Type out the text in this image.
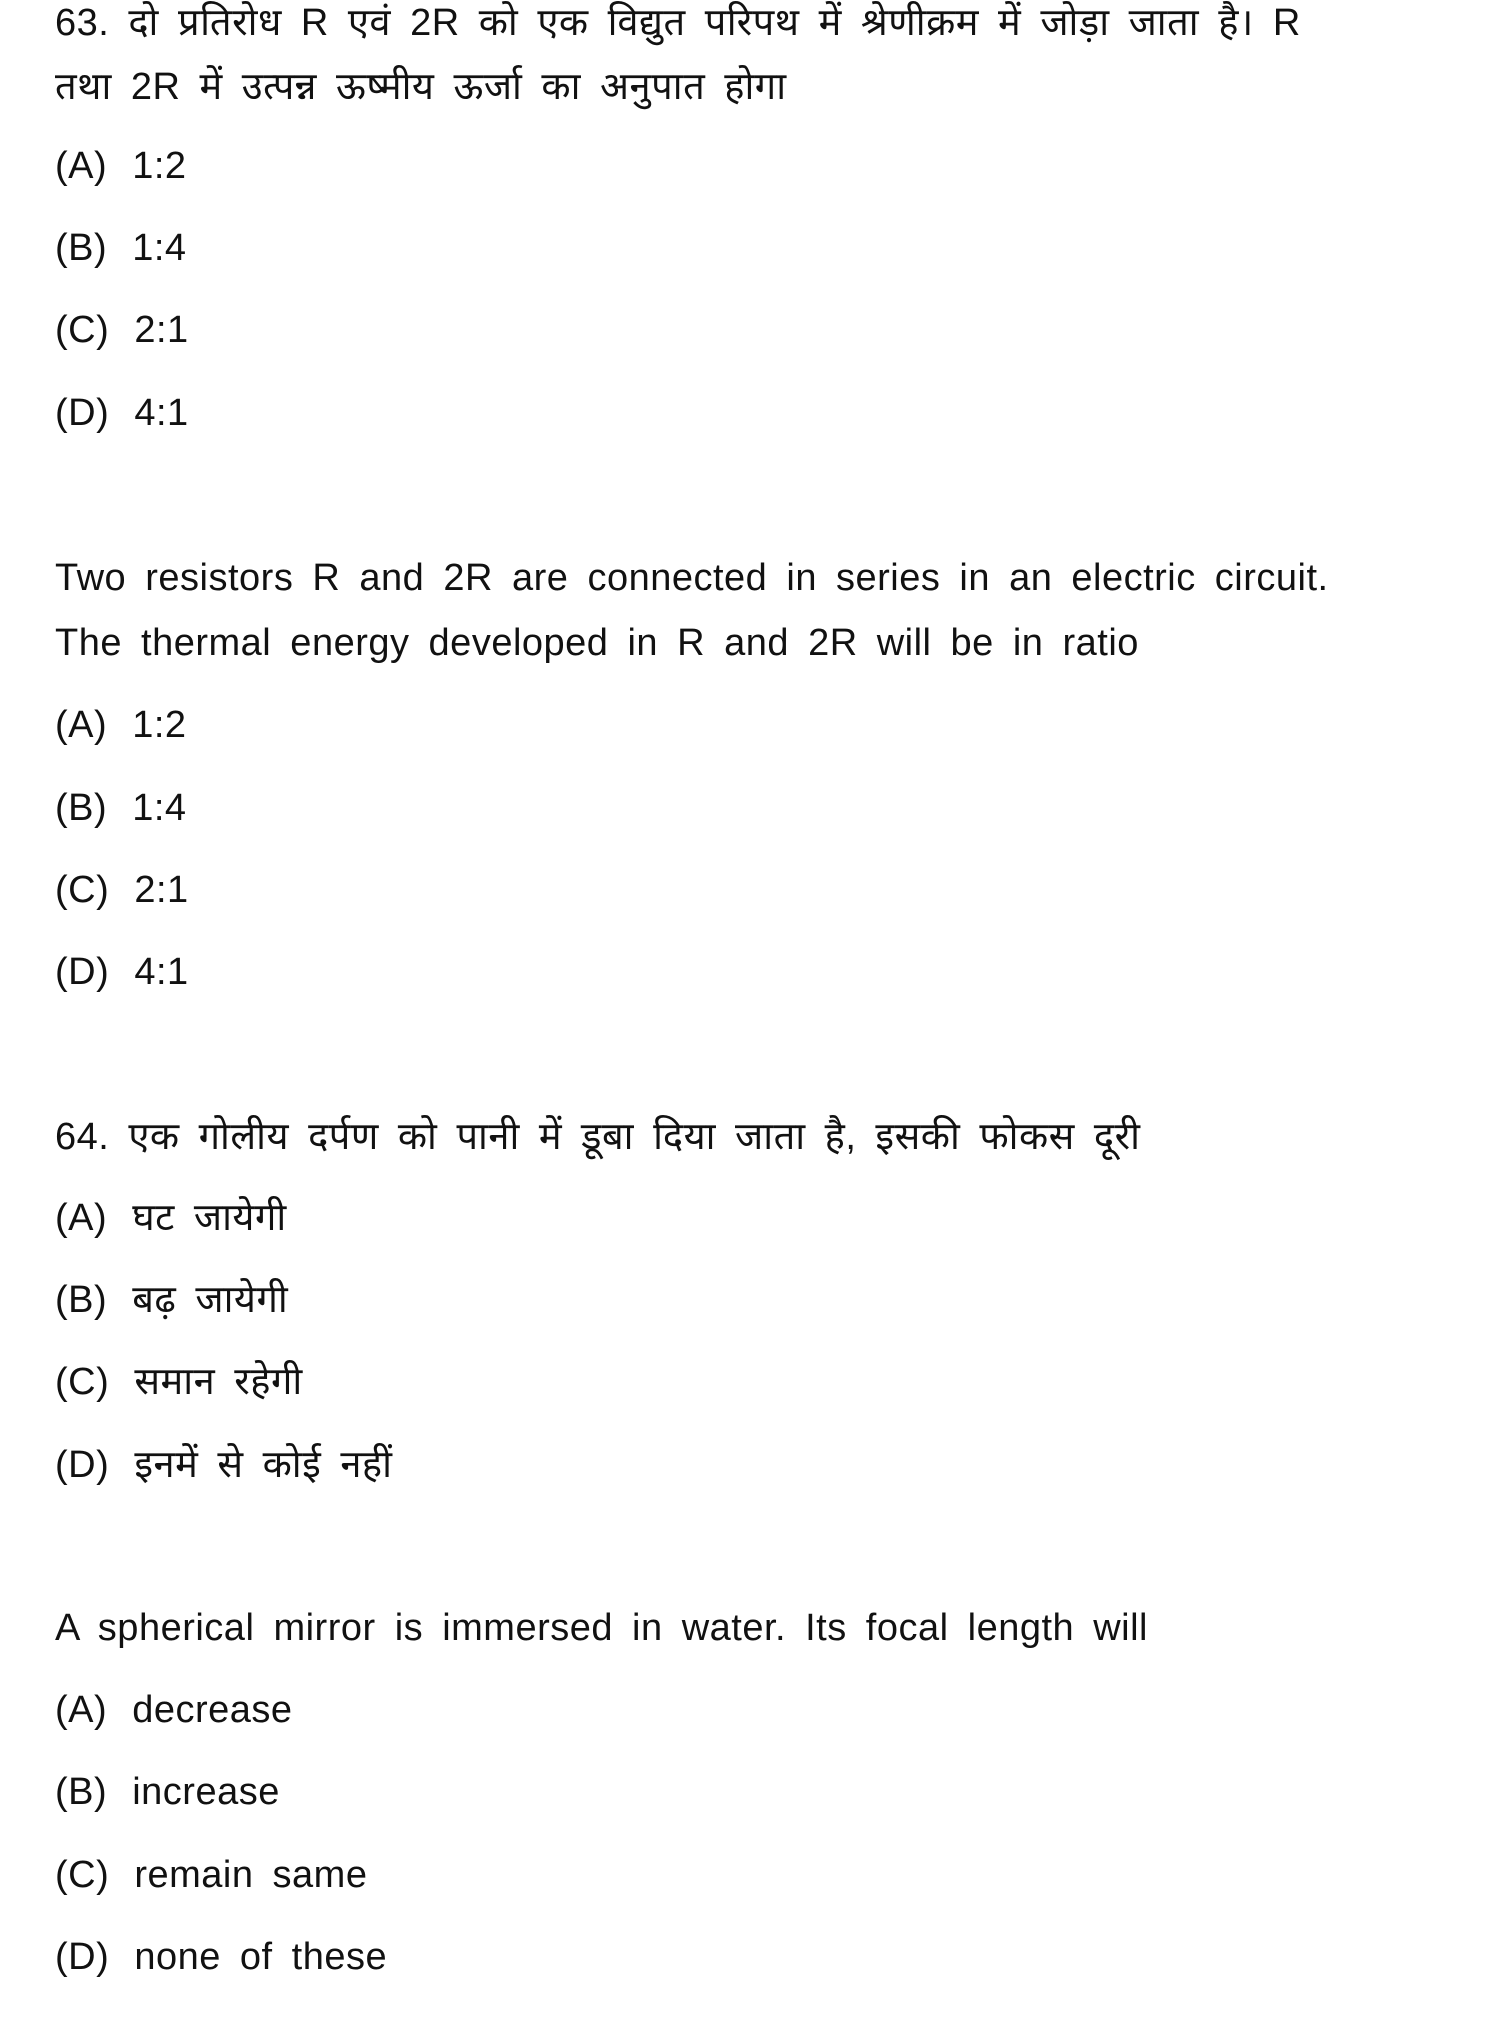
63. दो प्रतिरोध R एवं 2R को एक विद्युत परिपथ में श्रेणीक्रम में जोड़ा जाता है। R
तथा 2R में उत्पन्न ऊष्मीय ऊर्जा का अनुपात होगा
(A) 1:2
(B) 1:4
(C) 2:1
(D) 4:1
Two resistors R and 2R are connected in series in an electric circuit.
The thermal energy developed in R and 2R will be in ratio
(A) 1:2
(B) 1:4
(C) 2:1
(D) 4:1
64. एक गोलीय दर्पण को पानी में डूबा दिया जाता है, इसकी फोकस दूरी
(A) घट जायेगी
(B) बढ़ जायेगी
(C) समान रहेगी
(D) इनमें से कोई नहीं
A spherical mirror is immersed in water. Its focal length will
(A) decrease
(B) increase
(C) remain same
(D) none of these
